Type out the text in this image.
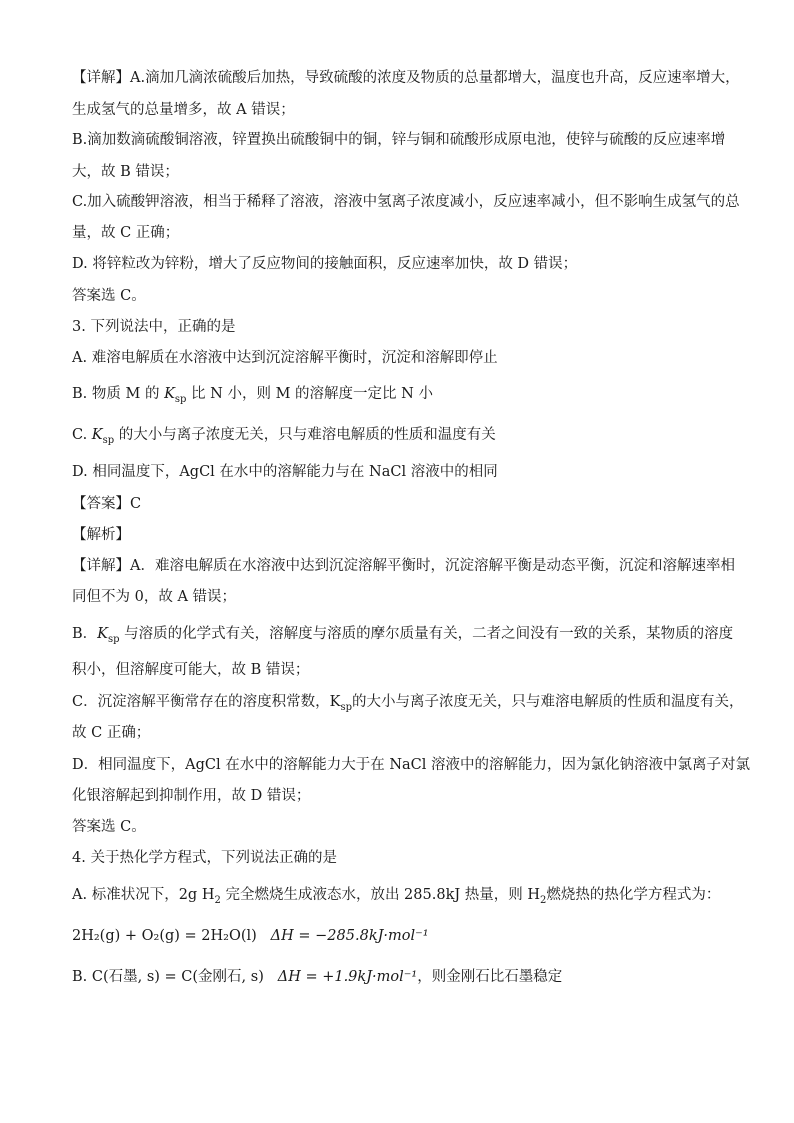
【详解】A.滴加几滴浓硫酸后加热，导致硫酸的浓度及物质的总量都增大，温度也升高，反应速率增大，
生成氢气的总量增多，故 A 错误；
B.滴加数滴硫酸铜溶液，锌置换出硫酸铜中的铜，锌与铜和硫酸形成原电池，使锌与硫酸的反应速率增
大，故 B 错误；
C.加入硫酸钾溶液，相当于稀释了溶液，溶液中氢离子浓度减小，反应速率减小，但不影响生成氢气的总
量，故 C 正确；
D. 将锌粒改为锌粉，增大了反应物间的接触面积，反应速率加快，故 D 错误；
答案选 C。
3. 下列说法中，正确的是
A. 难溶电解质在水溶液中达到沉淀溶解平衡时，沉淀和溶解即停止
B. 物质 M 的 $K_{sp}$ 比 N 小，则 M 的溶解度一定比 N 小
C. $K_{sp}$ 的大小与离子浓度无关，只与难溶电解质的性质和温度有关
D. 相同温度下，AgCl 在水中的溶解能力与在 NaCl 溶液中的相同
【答案】C
【解析】
【详解】A．难溶电解质在水溶液中达到沉淀溶解平衡时，沉淀溶解平衡是动态平衡，沉淀和溶解速率相
同但不为 0，故 A 错误；
B．$K_{sp}$ 与溶质的化学式有关，溶解度与溶质的摩尔质量有关，二者之间没有一致的关系，某物质的溶度
积小，但溶解度可能大，故 B 错误；
C．沉淀溶解平衡常存在的溶度积常数，$K_{sp}$的大小与离子浓度无关，只与难溶电解质的性质和温度有关，
故 C 正确；
D．相同温度下，AgCl 在水中的溶解能力大于在 NaCl 溶液中的溶解能力，因为氯化钠溶液中氯离子对氯
化银溶解起到抑制作用，故 D 错误；
答案选 C。
4. 关于热化学方程式，下列说法正确的是
A. 标准状况下，2g $H_2$ 完全燃烧生成液态水，放出 285.8kJ 热量，则 $H_2$燃烧热的热化学方程式为：
2H₂(g) + O₂(g) = 2H₂O(l) ΔH = −285.8kJ·mol⁻¹
B. C(石墨, s) = C(金刚石, s) ΔH = +1.9kJ·mol⁻¹，则金刚石比石墨稳定
